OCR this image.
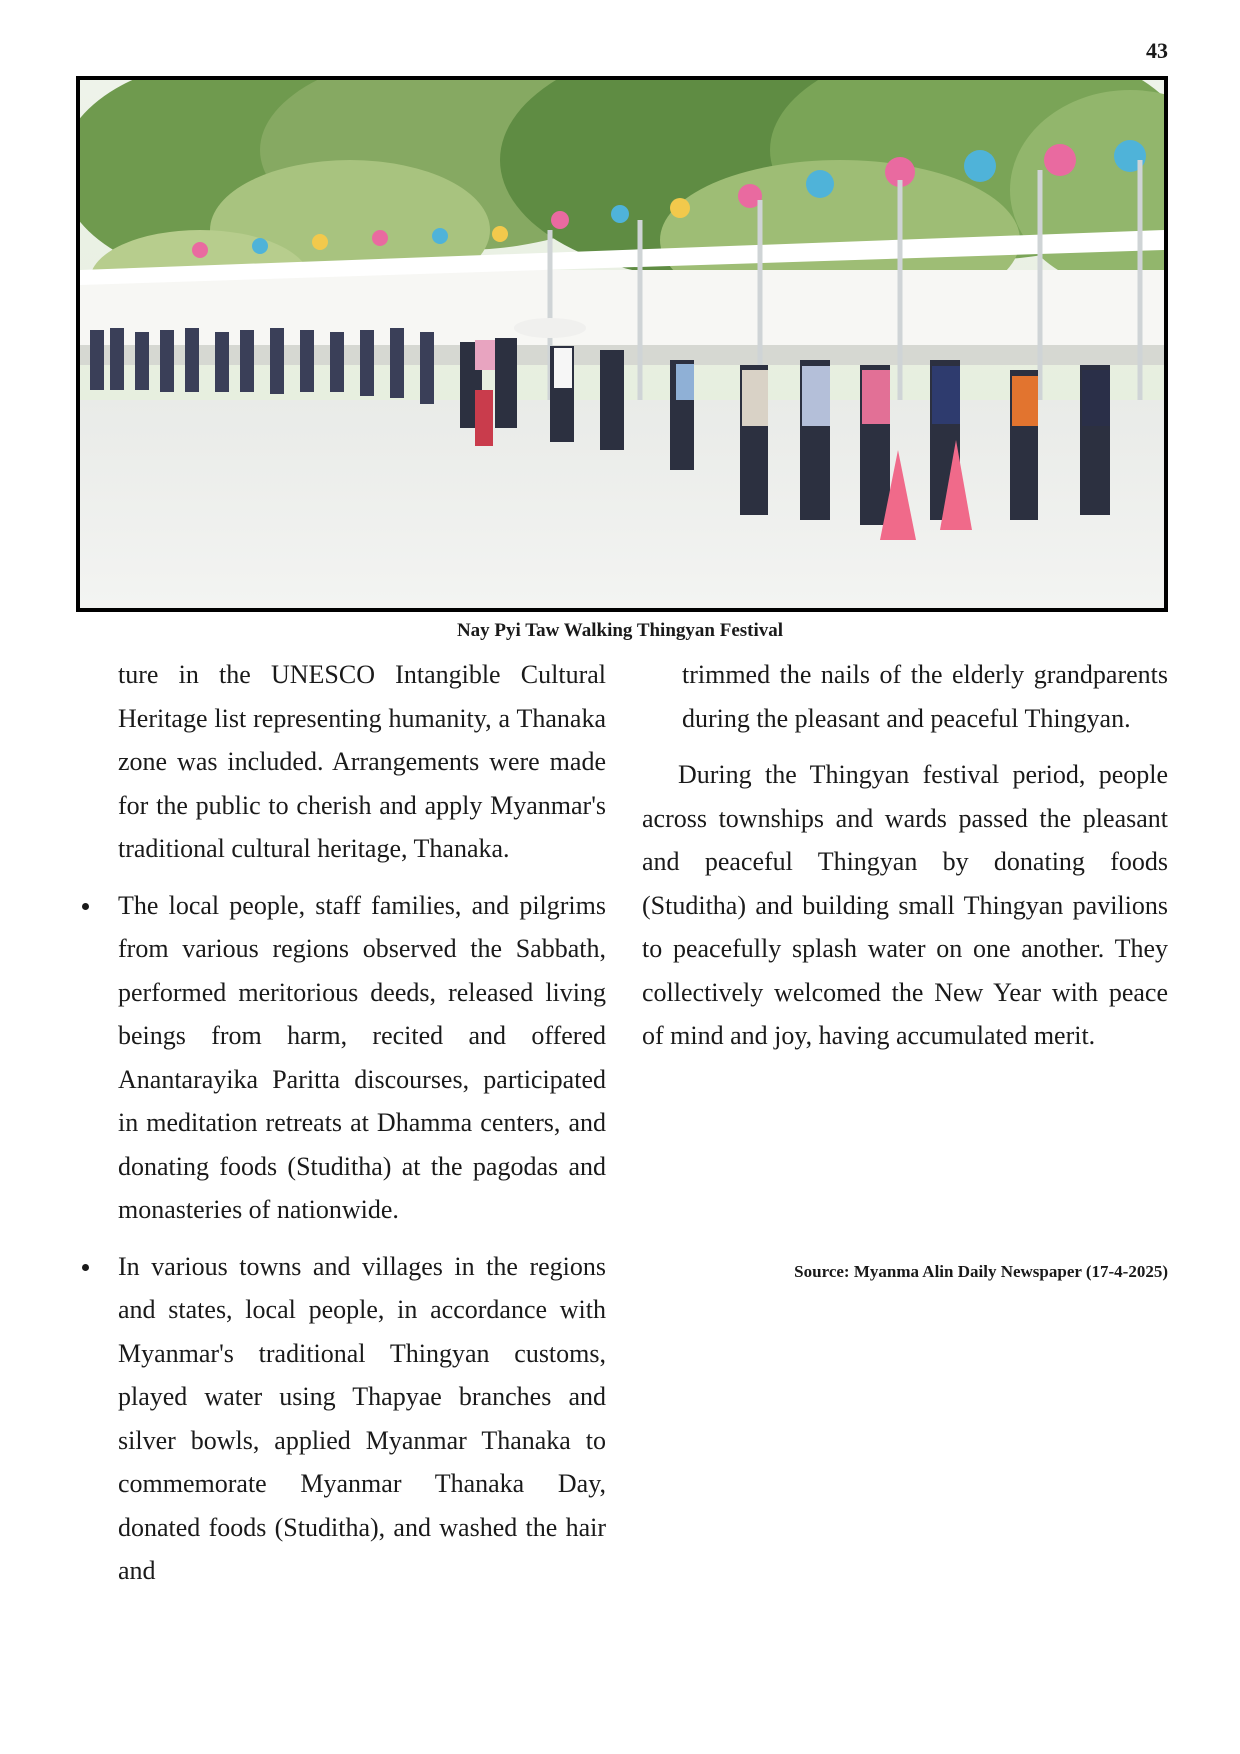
43
Nay Pyi Taw Walking Thingyan Festival

ture in the UNESCO Intangible Cultural Heritage list representing humanity, a Thanaka zone was included. Arrangements were made for the public to cherish and apply Myanmar's traditional cultural heritage, Thanaka.

The local people, staff families, and pilgrims from various regions observed the Sabbath, performed meritorious deeds, released living beings from harm, recited and offered Anantarayika Paritta discourses, participated in meditation retreats at Dhamma centers, and donating foods (Studitha) at the pagodas and monasteries of nationwide.

In various towns and villages in the regions and states, local people, in accordance with Myanmar's traditional Thingyan customs, played water using Thapyae branches and silver bowls, applied Myanmar Thanaka to commemorate Myanmar Thanaka Day, donated foods (Studitha), and washed the hair and

trimmed the nails of the elderly grandparents during the pleasant and peaceful Thingyan.

During the Thingyan festival period, people across townships and wards passed the pleasant and peaceful Thingyan by donating foods (Studitha) and building small Thingyan pavilions to peacefully splash water on one another. They collectively welcomed the New Year with peace of mind and joy, having accumulated merit.

Source: Myanma Alin Daily Newspaper (17-4-2025)
